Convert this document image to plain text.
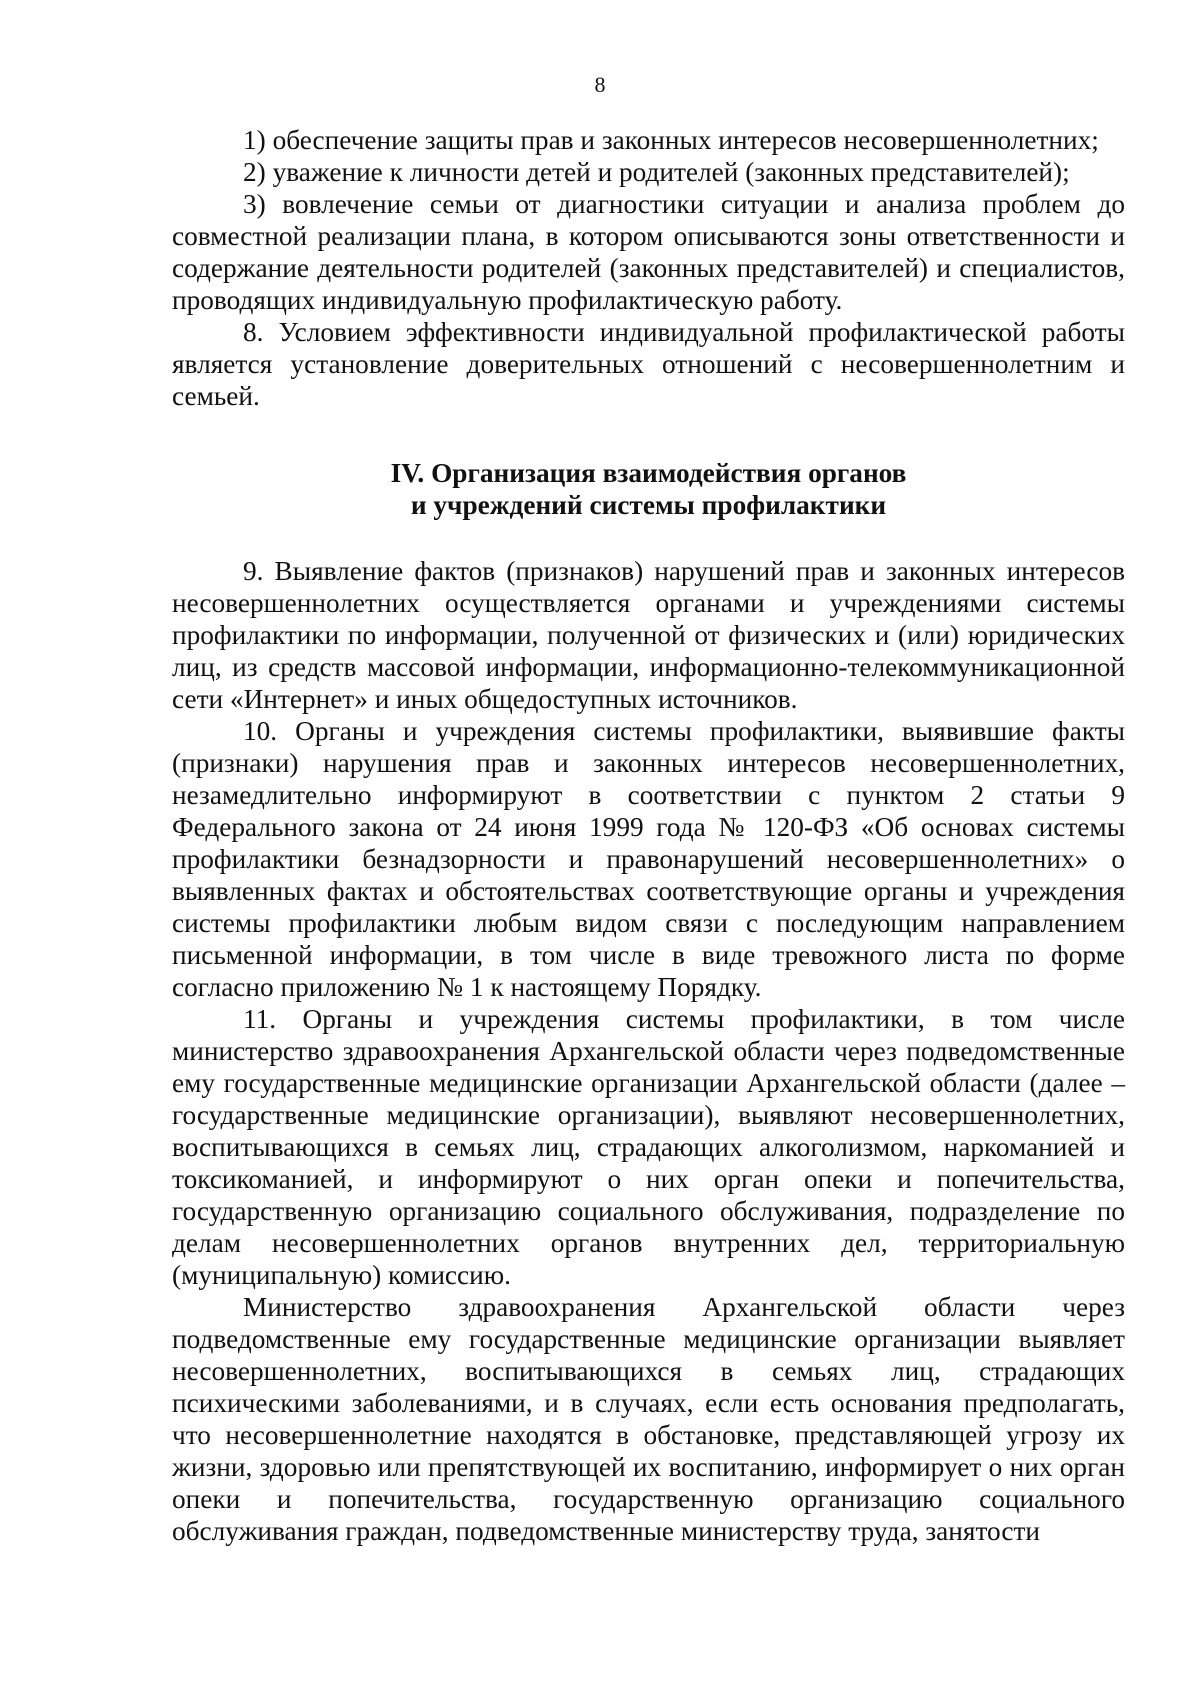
8

1) обеспечение защиты прав и законных интересов несовершеннолетних;

2) уважение к личности детей и родителей (законных представителей);

3) вовлечение семьи от диагностики ситуации и анализа проблем до совместной реализации плана, в котором описываются зоны ответственности и содержание деятельности родителей (законных представителей) и специалистов, проводящих индивидуальную профилактическую работу.

8. Условием эффективности индивидуальной профилактической работы является установление доверительных отношений с несовершеннолетним и семьей.

IV. Организация взаимодействия органов
и учреждений системы профилактики

9. Выявление фактов (признаков) нарушений прав и законных интересов несовершеннолетних осуществляется органами и учреждениями системы профилактики по информации, полученной от физических и (или) юридических лиц, из средств массовой информации, информационно-телекоммуникационной сети «Интернет» и иных общедоступных источников.

10. Органы и учреждения системы профилактики, выявившие факты (признаки) нарушения прав и законных интересов несовершеннолетних, незамедлительно информируют в соответствии с пунктом 2 статьи 9 Федерального закона от 24 июня 1999 года № 120-ФЗ «Об основах системы профилактики безнадзорности и правонарушений несовершеннолетних» о выявленных фактах и обстоятельствах соответствующие органы и учреждения системы профилактики любым видом связи с последующим направлением письменной информации, в том числе в виде тревожного листа по форме согласно приложению № 1 к настоящему Порядку.

11. Органы и учреждения системы профилактики, в том числе министерство здравоохранения Архангельской области через подведомственные ему государственные медицинские организации Архангельской области (далее – государственные медицинские организации), выявляют несовершеннолетних, воспитывающихся в семьях лиц, страдающих алкоголизмом, наркоманией и токсикоманией, и информируют о них орган опеки и попечительства, государственную организацию социального обслуживания, подразделение по делам несовершеннолетних органов внутренних дел, территориальную (муниципальную) комиссию.

Министерство здравоохранения Архангельской области через подведомственные ему государственные медицинские организации выявляет несовершеннолетних, воспитывающихся в семьях лиц, страдающих психическими заболеваниями, и в случаях, если есть основания предполагать, что несовершеннолетние находятся в обстановке, представляющей угрозу их жизни, здоровью или препятствующей их воспитанию, информирует о них орган опеки и попечительства, государственную организацию социального обслуживания граждан, подведомственные министерству труда, занятости
